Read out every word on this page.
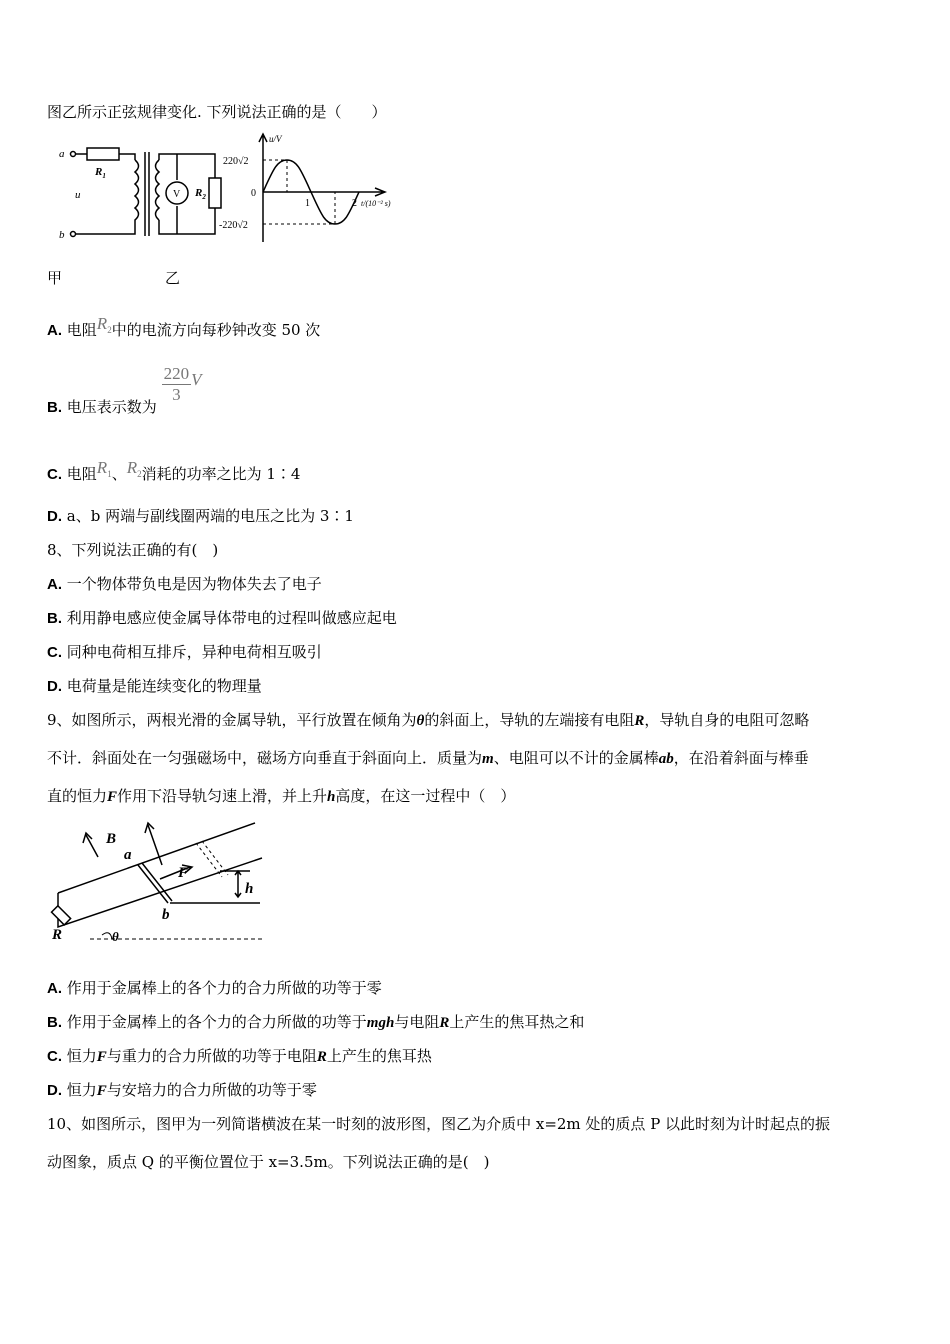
图乙所示正弦规律变化. 下列说法正确的是（　　）
a
b
u
$R_1$
$R_2$
V
u/V
220√2
-220√2
0
1	2 t/(10⁻² s)
甲	乙
A. 电阻$R_2$中的电流方向每秒钟改变 50 次
B. 电压表示数为
$\frac{220}{3}$ V
C. 电阻$R_1$、$R_2$消耗的功率之比为 1∶4
D. a、b 两端与副线圈两端的电压之比为 3∶1
8、下列说法正确的有(　)
A. 一个物体带负电是因为物体失去了电子
B. 利用静电感应使金属导体带电的过程叫做感应起电
C. 同种电荷相互排斥，异种电荷相互吸引
D. 电荷量是能连续变化的物理量
9、如图所示，两根光滑的金属导轨，平行放置在倾角为θ的斜面上，导轨的左端接有电阻R，导轨自身的电阻可忽略
不计．斜面处在一匀强磁场中，磁场方向垂直于斜面向上．质量为m、电阻可以不计的金属棒ab，在沿着斜面与棒垂
直的恒力F作用下沿导轨匀速上滑，并上升h高度，在这一过程中（　）
B
a
F
h
b
R	θ
A. 作用于金属棒上的各个力的合力所做的功等于零
B. 作用于金属棒上的各个力的合力所做的功等于mgh与电阻R上产生的焦耳热之和
C. 恒力F与重力的合力所做的功等于电阻R上产生的焦耳热
D. 恒力F与安培力的合力所做的功等于零
10、如图所示，图甲为一列简谐横波在某一时刻的波形图，图乙为介质中 x=2m 处的质点 P 以此时刻为计时起点的振
动图象，质点 Q 的平衡位置位于 x=3.5m。下列说法正确的是(　)
